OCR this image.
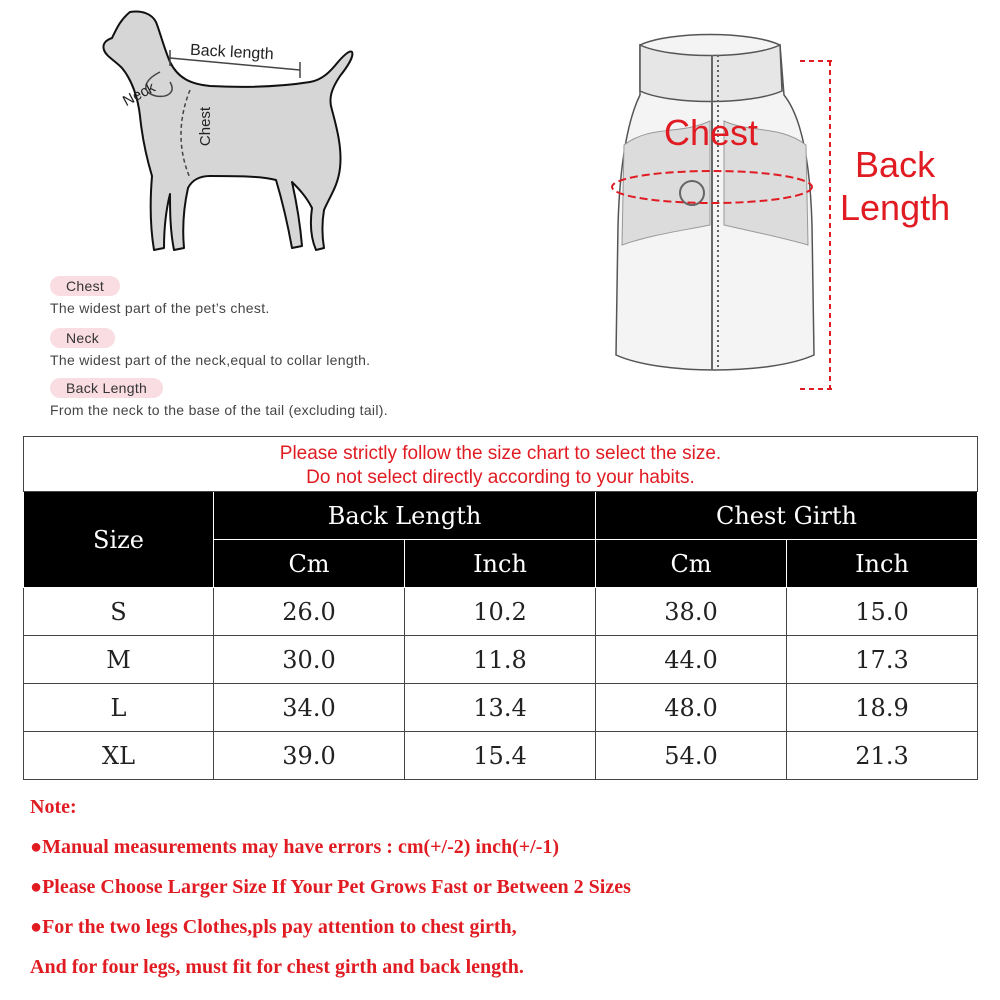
Back length
Neck
Chest
Chest
The widest part of the pet’s chest.
Neck
The widest part of the neck,equal to collar length.
Back Length
From the neck to the base of the tail (excluding tail).
Chest
Back
Length
Please strictly follow the size chart to select the size.
Do not select directly according to your habits.				

Size	Back Length		Chest Girth	
	Cm	Inch	Cm	Inch
S	26.0	10.2	38.0	15.0
M	30.0	11.8	44.0	17.3
L	34.0	13.4	48.0	18.9
XL	39.0	15.4	54.0	21.3
Note:
●Manual measurements may have errors : cm(+/-2) inch(+/-1)
●Please Choose Larger Size If Your Pet Grows Fast or Between 2 Sizes
●For the two legs Clothes,pls pay attention to chest girth,
And for four legs, must fit for chest girth and back length.
